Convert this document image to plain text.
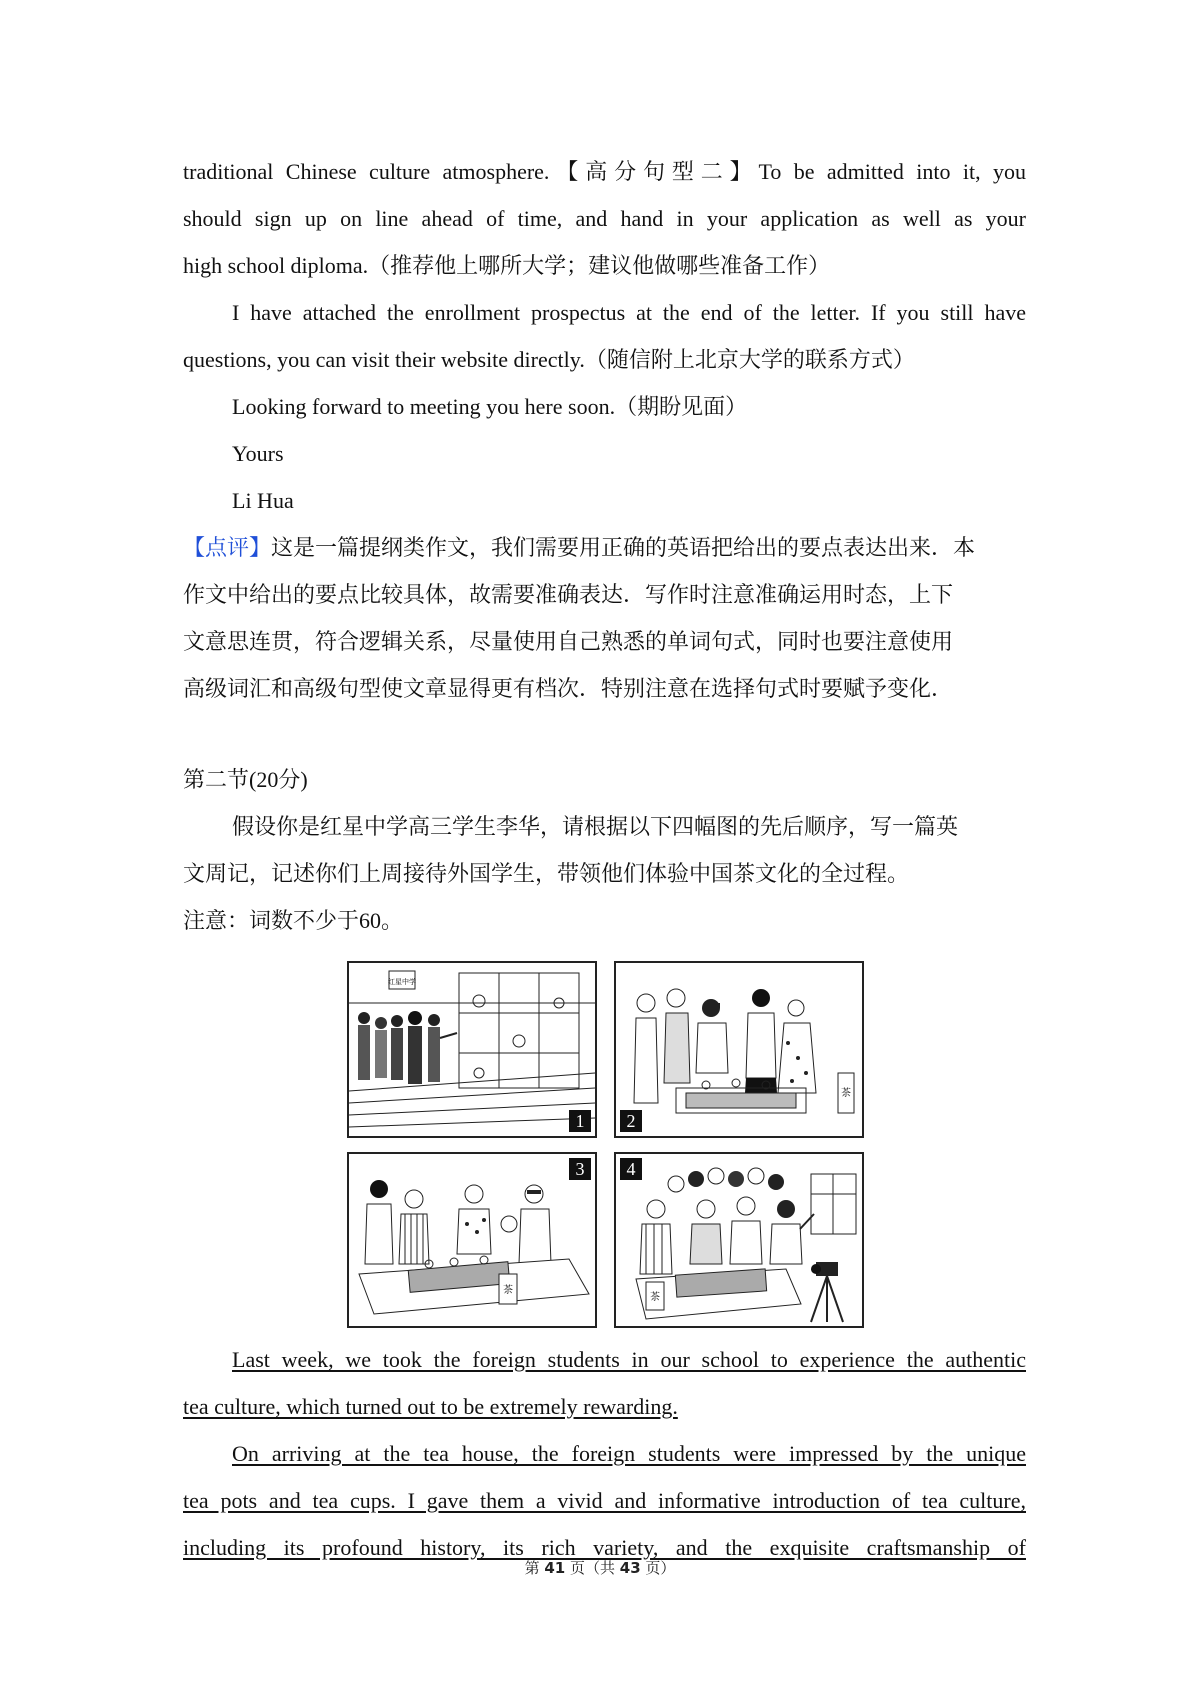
traditional Chinese culture atmosphere.【高分句型二】To be admitted into it, you

should sign up on line ahead of time, and hand in your application as well as your

high school diploma.（推荐他上哪所大学；建议他做哪些准备工作）

I have attached the enrollment prospectus at the end of the letter. If you still have

questions, you can visit their website directly.（随信附上北京大学的联系方式）

Looking forward to meeting you here soon.（期盼见面）

Yours

Li Hua

【点评】这是一篇提纲类作文，我们需要用正确的英语把给出的要点表达出来．本

作文中给出的要点比较具体，故需要准确表达．写作时注意准确运用时态，上下

文意思连贯，符合逻辑关系，尽量使用自己熟悉的单词句式，同时也要注意使用

高级词汇和高级句型使文章显得更有档次．特别注意在选择句式时要赋予变化．

第二节(20分)

假设你是红星中学高三学生李华，请根据以下四幅图的先后顺序，写一篇英

文周记，记述你们上周接待外国学生，带领他们体验中国茶文化的全过程。

注意：词数不少于60。

红星中学
1	2
茶
3
茶
4
茶

Last week, we took the foreign students in our school to experience the authentic

tea culture, which turned out to be extremely rewarding.

On arriving at the tea house, the foreign students were impressed by the unique

tea pots and tea cups. I gave them a vivid and informative introduction of tea culture,

including its profound history, its rich variety, and the exquisite craftsmanship of

第 41 页（共 43 页）
